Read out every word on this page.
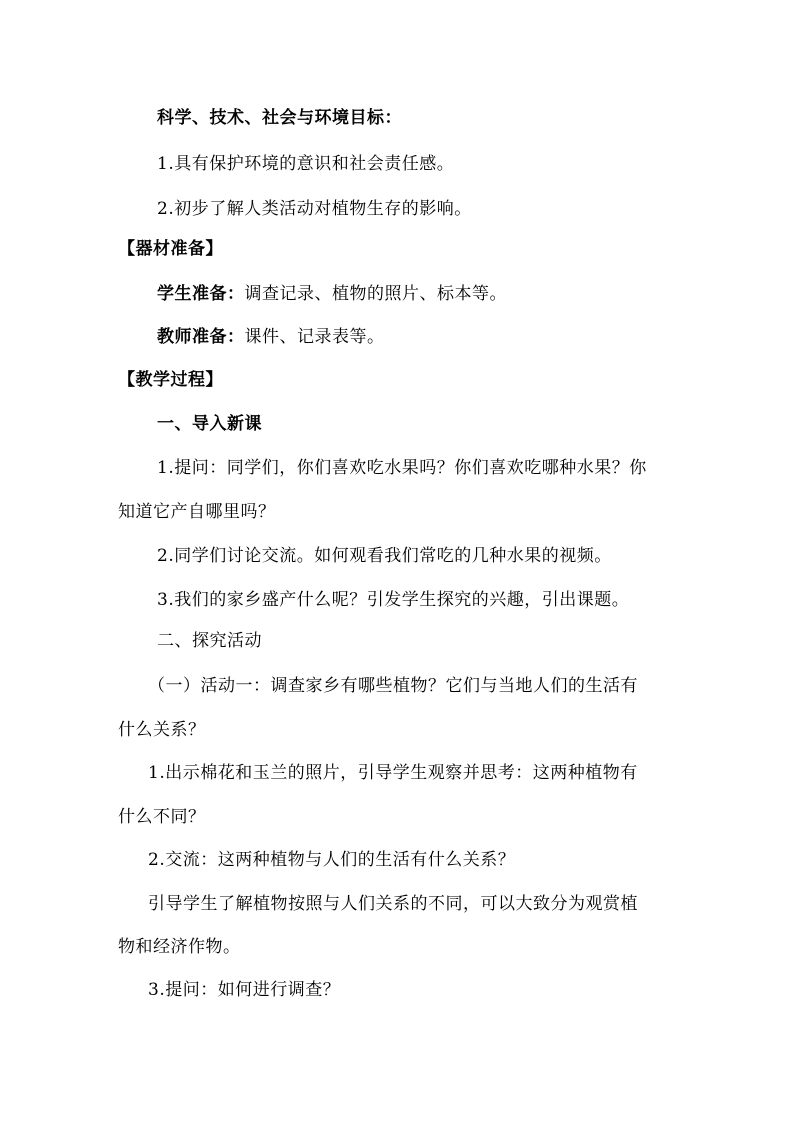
科学、技术、社会与环境目标：
1.具有保护环境的意识和社会责任感。
2.初步了解人类活动对植物生存的影响。
【器材准备】
学生准备：调查记录、植物的照片、标本等。
教师准备：课件、记录表等。
【教学过程】
一、导入新课
1.提问：同学们，你们喜欢吃水果吗？你们喜欢吃哪种水果？你
知道它产自哪里吗？
2.同学们讨论交流。如何观看我们常吃的几种水果的视频。
3.我们的家乡盛产什么呢？引发学生探究的兴趣，引出课题。
二、探究活动
（一）活动一：调查家乡有哪些植物？它们与当地人们的生活有
什么关系？
1.出示棉花和玉兰的照片，引导学生观察并思考：这两种植物有
什么不同？
2.交流：这两种植物与人们的生活有什么关系？
引导学生了解植物按照与人们关系的不同，可以大致分为观赏植
物和经济作物。
3.提问：如何进行调查？
